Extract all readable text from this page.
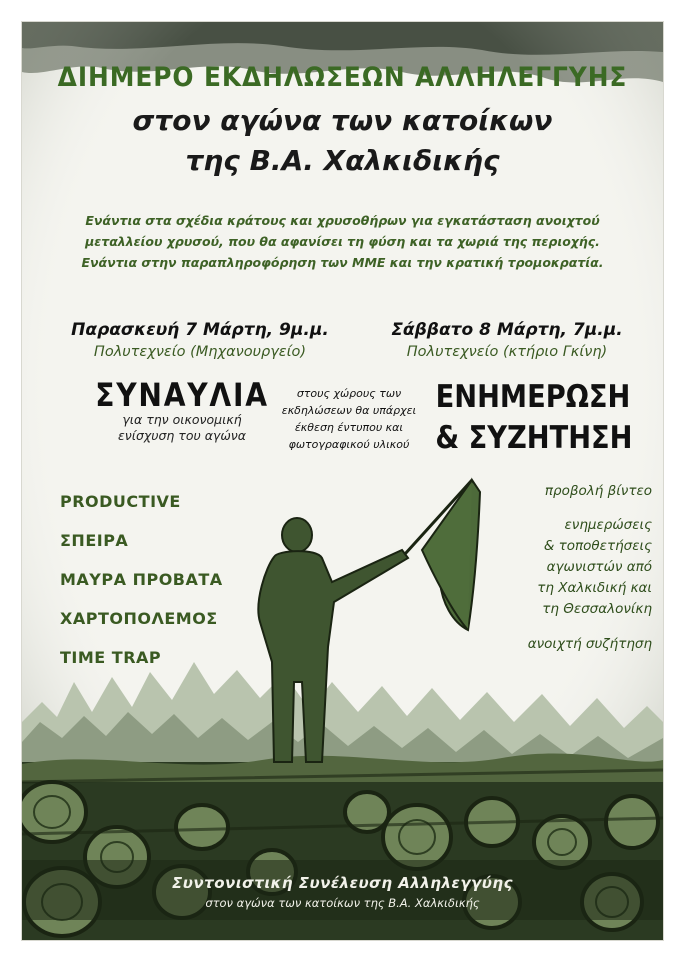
ΔΙΗΜΕΡΟ ΕΚΔΗΛΩΣΕΩΝ ΑΛΛΗΛΕΓΓΥΗΣ
στον αγώνα των κατοίκων
της Β.Α. Χαλκιδικής
Ενάντια στα σχέδια κράτους και χρυσοθήρων για εγκατάσταση ανοιχτού
μεταλλείου χρυσού, που θα αφανίσει τη φύση και τα χωριά της περιοχής.
Ενάντια στην παραπληροφόρηση των ΜΜΕ και την κρατική τρομοκρατία.
Παρασκευή 7 Μάρτη, 9μ.μ.
Πολυτεχνείο (Μηχανουργείο)
Σάββατο 8 Μάρτη, 7μ.μ.
Πολυτεχνείο (κτήριο Γκίνη)
ΣΥΝΑΥΛΙΑ
για την οικονομική
ενίσχυση του αγώνα
στους χώρους των εκδηλώσεων θα υπάρχει έκθεση έντυπου και φωτογραφικού υλικού
ΕΝΗΜΕΡΩΣΗ
& ΣΥΖΗΤΗΣΗ
PRODUCTIVE
ΣΠΕΙΡΑ
ΜΑΥΡΑ ΠΡΟΒΑΤΑ
ΧΑΡΤΟΠΟΛΕΜΟΣ
TIME TRAP
προβολή βίντεο
ενημερώσεις
& τοποθετήσεις
αγωνιστών από
τη Χαλκιδική και
τη Θεσσαλονίκη
ανοιχτή συζήτηση
Συντονιστική Συνέλευση Αλληλεγγύης
στον αγώνα των κατοίκων της Β.Α. Χαλκιδικής
